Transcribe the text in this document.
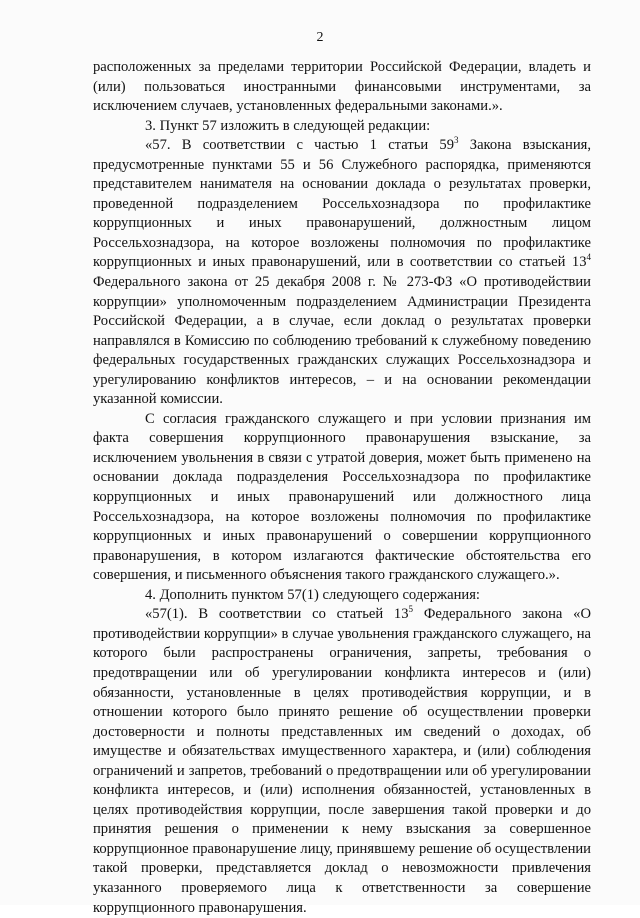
2

расположенных за пределами территории Российской Федерации, владеть и (или) пользоваться иностранными финансовыми инструментами, за исключением случаев, установленных федеральными законами.».

3. Пункт 57 изложить в следующей редакции:

«57. В соответствии с частью 1 статьи $59^3$ Закона взыскания, предусмотренные пунктами 55 и 56 Служебного распорядка, применяются представителем нанимателя на основании доклада о результатах проверки, проведенной подразделением Россельхознадзора по профилактике коррупционных и иных правонарушений, должностным лицом Россельхознадзора, на которое возложены полномочия по профилактике коррупционных и иных правонарушений, или в соответствии со статьей $13^4$ Федерального закона от 25 декабря 2008 г. № 273-ФЗ «О противодействии коррупции» уполномоченным подразделением Администрации Президента Российской Федерации, а в случае, если доклад о результатах проверки направлялся в Комиссию по соблюдению требований к служебному поведению федеральных государственных гражданских служащих Россельхознадзора и урегулированию конфликтов интересов, – и на основании рекомендации указанной комиссии.

С согласия гражданского служащего и при условии признания им факта совершения коррупционного правонарушения взыскание, за исключением увольнения в связи с утратой доверия, может быть применено на основании доклада подразделения Россельхознадзора по профилактике коррупционных и иных правонарушений или должностного лица Россельхознадзора, на которое возложены полномочия по профилактике коррупционных и иных правонарушений о совершении коррупционного правонарушения, в котором излагаются фактические обстоятельства его совершения, и письменного объяснения такого гражданского служащего.».

4. Дополнить пунктом 57(1) следующего содержания:

«57(1). В соответствии со статьей $13^5$ Федерального закона «О противодействии коррупции» в случае увольнения гражданского служащего, на которого были распространены ограничения, запреты, требования о предотвращении или об урегулировании конфликта интересов и (или) обязанности, установленные в целях противодействия коррупции, и в отношении которого было принято решение об осуществлении проверки достоверности и полноты представленных им сведений о доходах, об имуществе и обязательствах имущественного характера, и (или) соблюдения ограничений и запретов, требований о предотвращении или об урегулировании конфликта интересов, и (или) исполнения обязанностей, установленных в целях противодействия коррупции, после завершения такой проверки и до принятия решения о применении к нему взыскания за совершенное коррупционное правонарушение лицу, принявшему решение об осуществлении такой проверки, представляется доклад о невозможности привлечения указанного проверяемого лица к ответственности за совершение коррупционного правонарушения.
